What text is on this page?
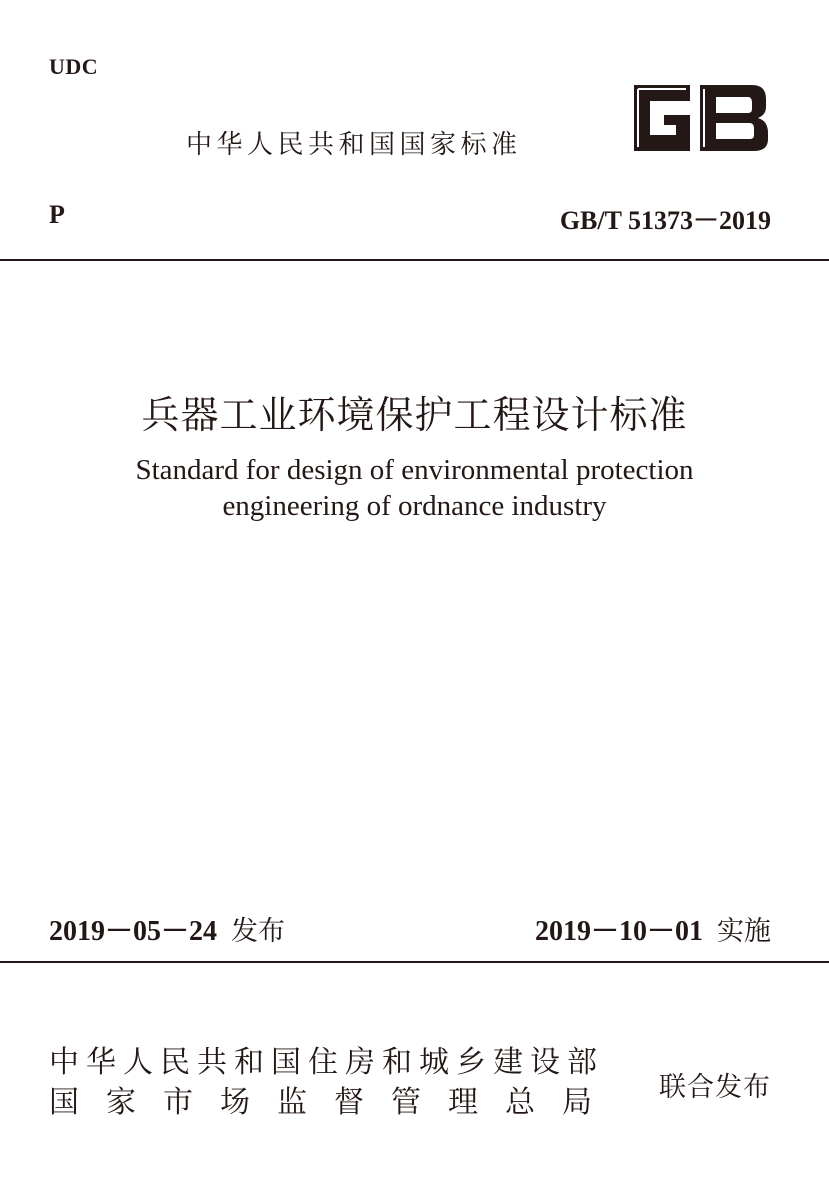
UDC
中华人民共和国国家标准
P	GB/T 51373－2019
兵器工业环境保护工程设计标准
Standard for design of environmental protection
engineering of ordnance industry
2019－05－24 发布	2019－10－01 实施
中华人民共和国住房和城乡建设部
国家市场监督管理总局 联合发布
